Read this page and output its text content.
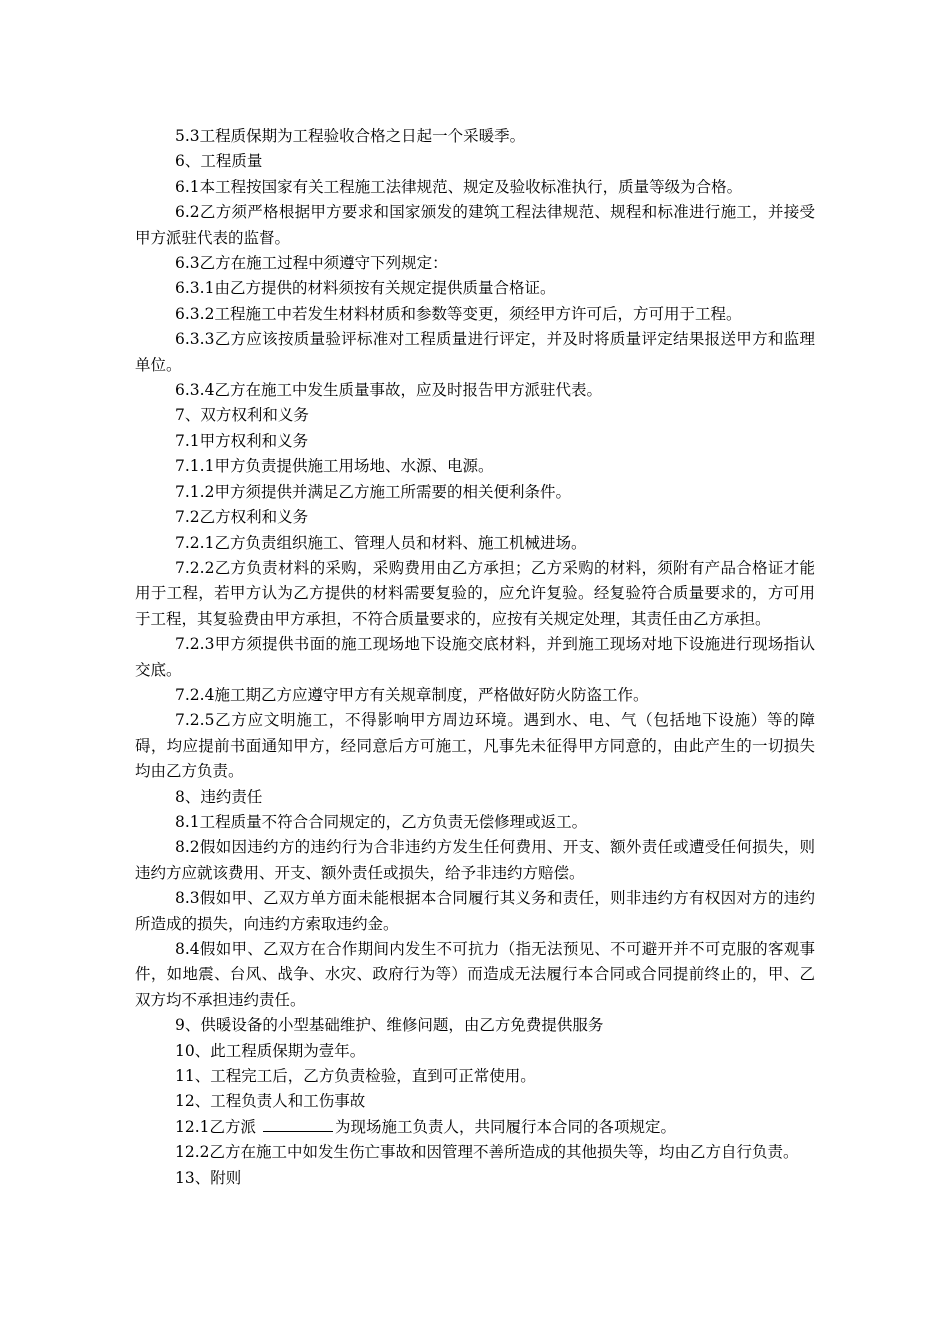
5.3工程质保期为工程验收合格之日起一个采暖季。

6、工程质量

6.1本工程按国家有关工程施工法律规范、规定及验收标准执行，质量等级为合格。

6.2乙方须严格根据甲方要求和国家颁发的建筑工程法律规范、规程和标准进行施工，并接受甲方派驻代表的监督。

6.3乙方在施工过程中须遵守下列规定：

6.3.1由乙方提供的材料须按有关规定提供质量合格证。

6.3.2工程施工中若发生材料材质和参数等变更，须经甲方许可后，方可用于工程。

6.3.3乙方应该按质量验评标准对工程质量进行评定，并及时将质量评定结果报送甲方和监理单位。

6.3.4乙方在施工中发生质量事故，应及时报告甲方派驻代表。

7、双方权利和义务

7.1甲方权利和义务

7.1.1甲方负责提供施工用场地、水源、电源。

7.1.2甲方须提供并满足乙方施工所需要的相关便利条件。

7.2乙方权利和义务

7.2.1乙方负责组织施工、管理人员和材料、施工机械进场。

7.2.2乙方负责材料的采购，采购费用由乙方承担；乙方采购的材料，须附有产品合格证才能用于工程，若甲方认为乙方提供的材料需要复验的，应允许复验。经复验符合质量要求的，方可用于工程，其复验费由甲方承担，不符合质量要求的，应按有关规定处理，其责任由乙方承担。

7.2.3甲方须提供书面的施工现场地下设施交底材料，并到施工现场对地下设施进行现场指认交底。

7.2.4施工期乙方应遵守甲方有关规章制度，严格做好防火防盗工作。

7.2.5乙方应文明施工，不得影响甲方周边环境。遇到水、电、气（包括地下设施）等的障碍，均应提前书面通知甲方，经同意后方可施工，凡事先未征得甲方同意的，由此产生的一切损失均由乙方负责。

8、违约责任

8.1工程质量不符合合同规定的，乙方负责无偿修理或返工。

8.2假如因违约方的违约行为合非违约方发生任何费用、开支、额外责任或遭受任何损失，则违约方应就该费用、开支、额外责任或损失，给予非违约方赔偿。

8.3假如甲、乙双方单方面未能根据本合同履行其义务和责任，则非违约方有权因对方的违约所造成的损失，向违约方索取违约金。

8.4假如甲、乙双方在合作期间内发生不可抗力（指无法预见、不可避开并不可克服的客观事件，如地震、台风、战争、水灾、政府行为等）而造成无法履行本合同或合同提前终止的，甲、乙双方均不承担违约责任。

9、供暖设备的小型基础维护、维修问题，由乙方免费提供服务

10、此工程质保期为壹年。

11、工程完工后，乙方负责检验，直到可正常使用。

12、工程负责人和工伤事故

12.1乙方派	为现场施工负责人，共同履行本合同的各项规定。

12.2乙方在施工中如发生伤亡事故和因管理不善所造成的其他损失等，均由乙方自行负责。

13、附则
